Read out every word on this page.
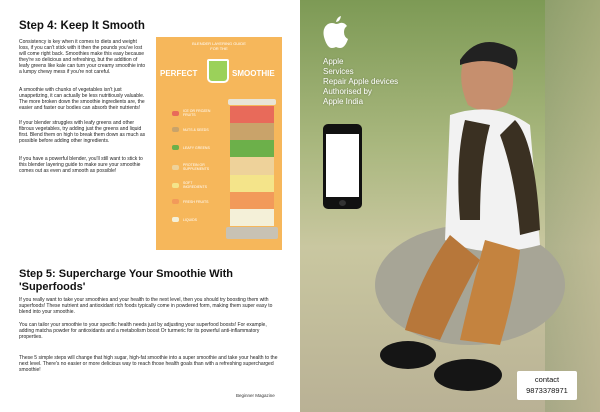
Step 4: Keep It Smooth

Consistency is key when it comes to diets and weight loss, if you can't stick with it then the pounds you've lost will come right back. Smoothies make this easy because they're so delicious and refreshing, but the addition of leafy greens like kale can turn your creamy smoothie into a lumpy chewy mess if you're not careful.

A smoothie with chunks of vegetables isn't just unappetizing, it can actually be less nutritiously valuable. The more broken down the smoothie ingredients are, the easier and faster our bodies can absorb their nutrients!

If your blender struggles with leafy greens and other fibrous vegetables, try adding just the greens and liquid first. Blend them on high to break them down as much as possible before adding other ingredients.

If you have a powerful blender, you'll still want to stick to this blender layering guide to make sure your smoothie comes out as even and smooth as possible!

BLENDER LAYERING GUIDE
FOR THE
PERFECT	SMOOTHIE
ICE OR FROZEN FRUITS
NUTS & SEEDS
LEAFY GREENS
PROTEIN OR SUPPLEMENTS
SOFT INGREDIENTS
FRESH FRUITS
LIQUIDS
Step 5: Supercharge Your Smoothie With 'Superfoods'

If you really want to take your smoothies and your health to the next level, then you should try boosting them with superfoods! These nutrient and antioxidant rich foods typically come in powdered form, making them super easy to blend into your smoothie.

You can tailor your smoothie to your specific health needs just by adjusting your superfood boosts! For example, adding matcha powder for antioxidants and a metabolism boost Or turmeric for its powerful anti-inflammatory properties.

These 5 simple steps will change that high sugar, high-fat smoothie into a super smoothie and take your health to the next level. There's no easier or more delicious way to reach those health goals than with a refreshing supercharged smoothie!

Beginner Magazine
Apple
Services
Repair Apple devices
Authorised by
Apple India
contact
9873378971
